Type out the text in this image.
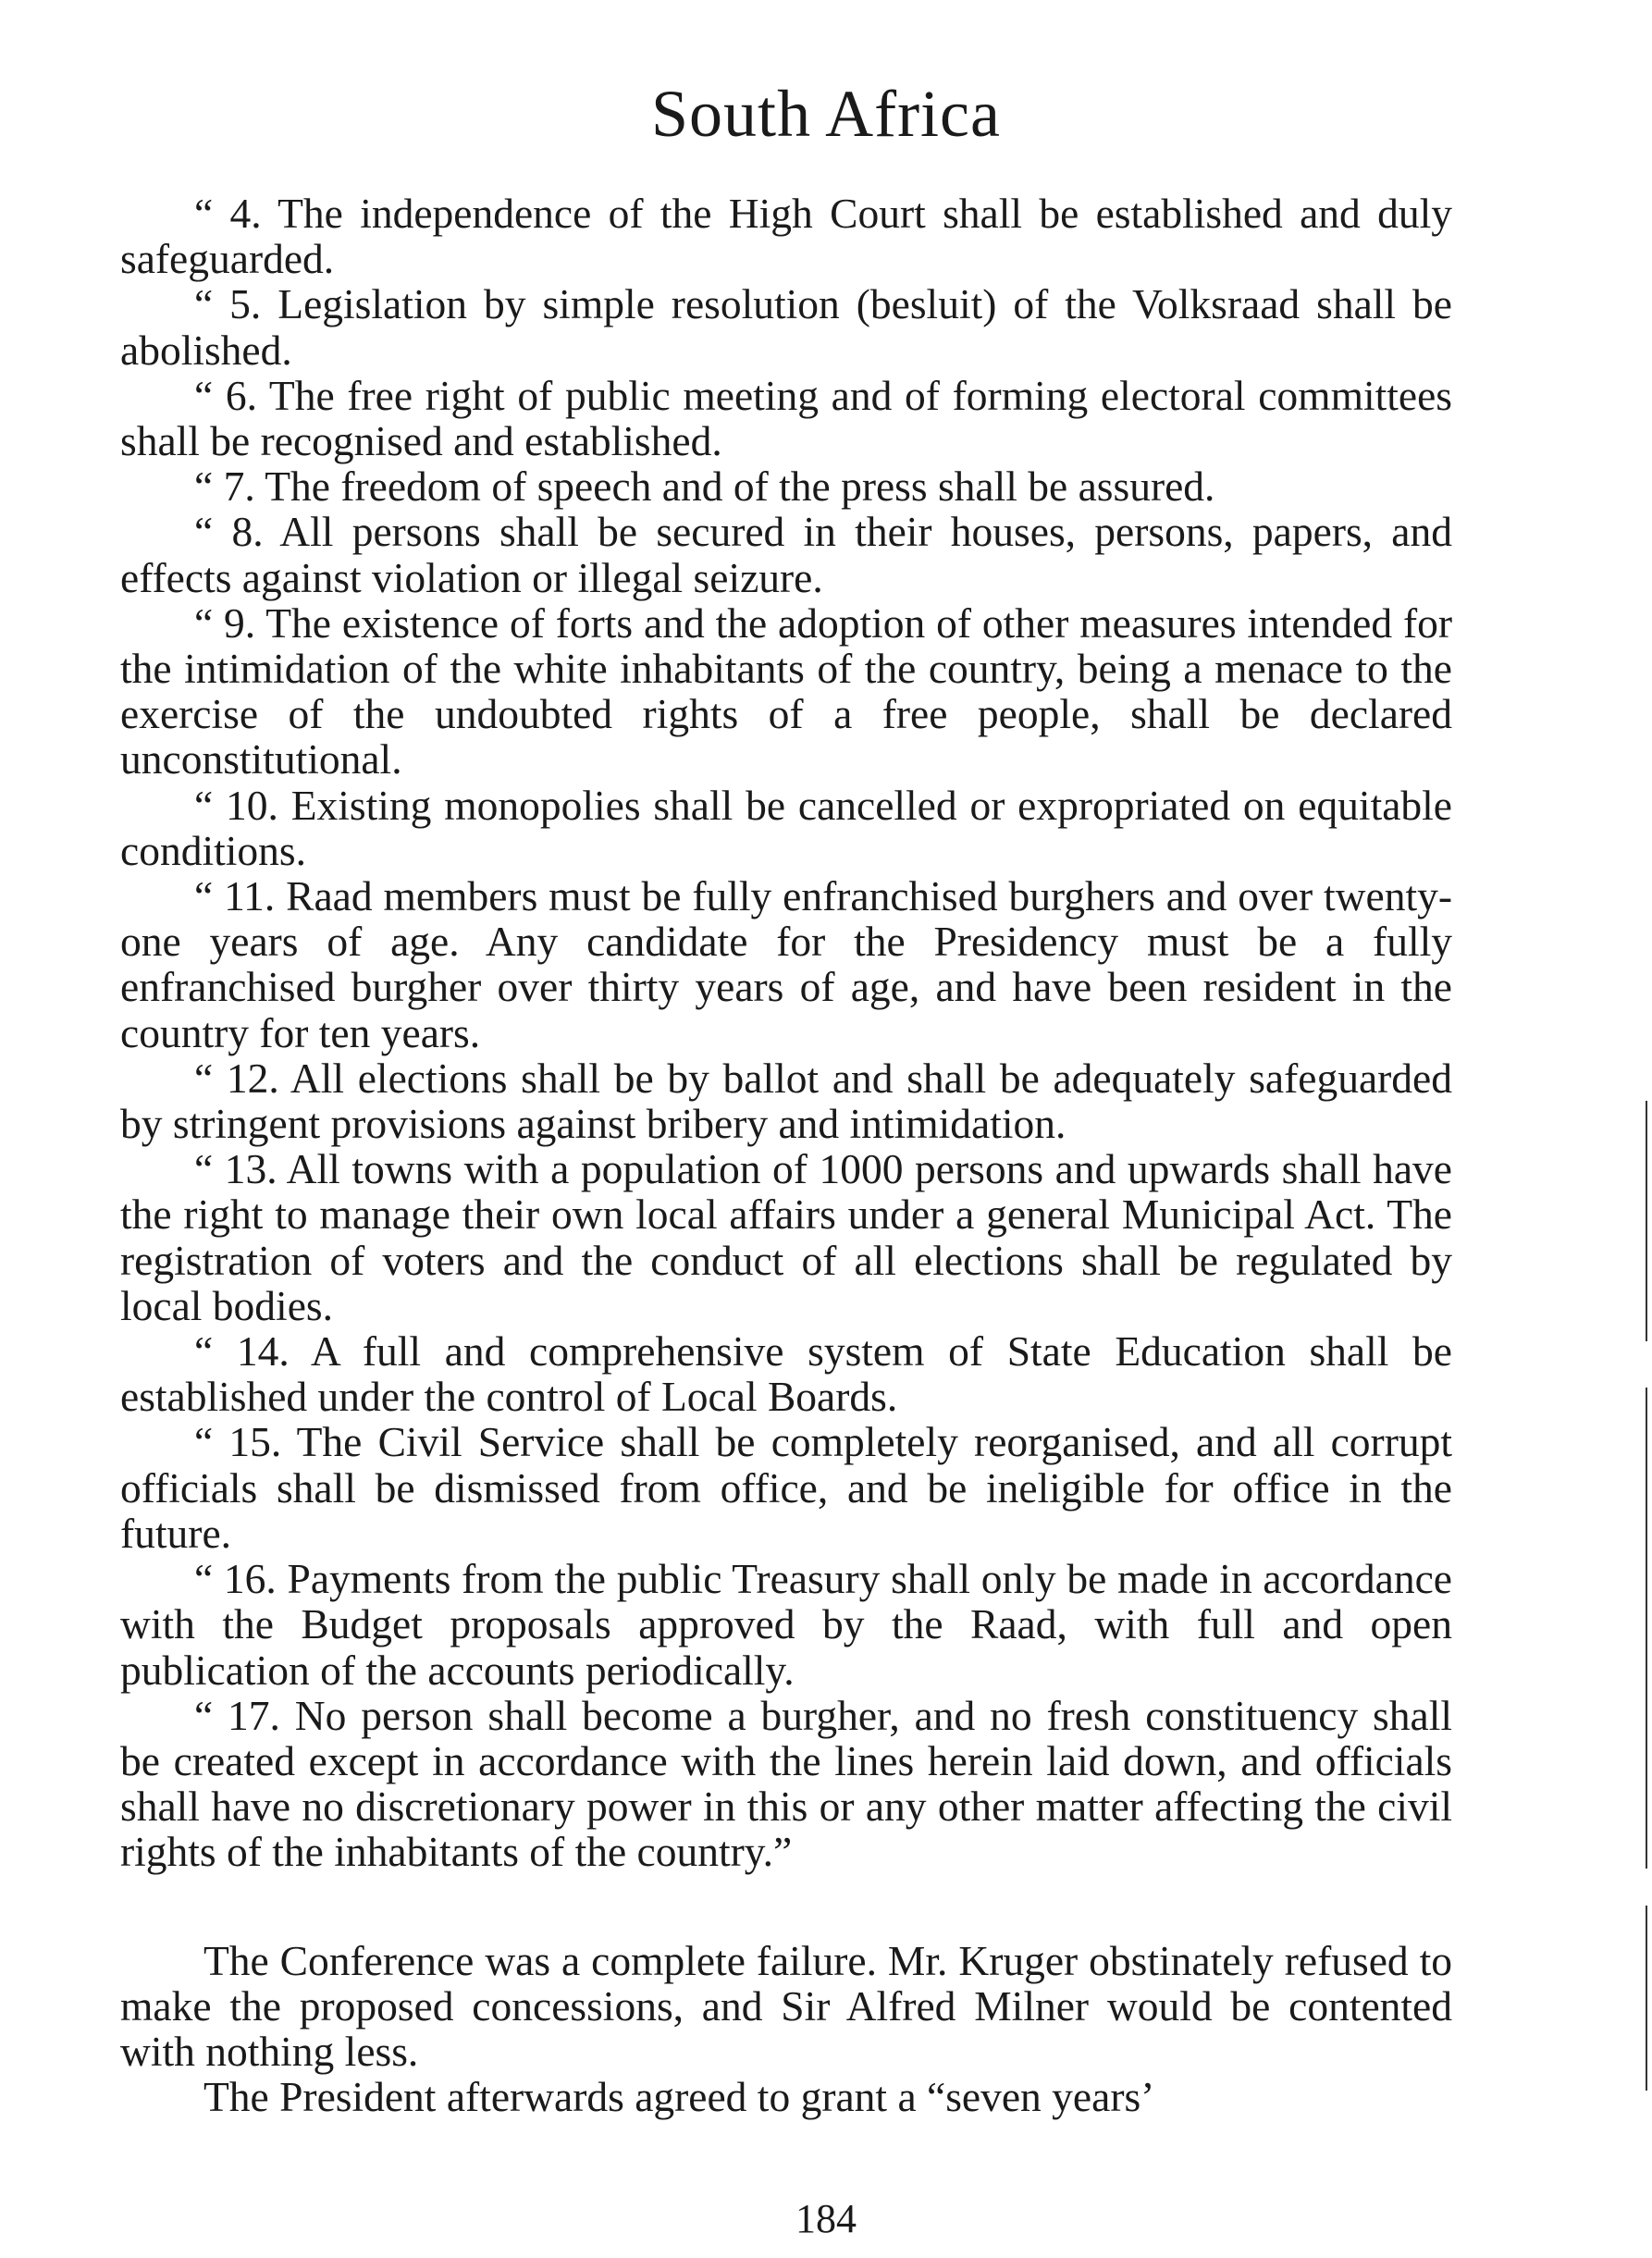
South Africa

“ 4. The independence of the High Court shall be established and duly safeguarded.

“ 5. Legislation by simple resolution (besluit) of the Volksraad shall be abolished.

“ 6. The free right of public meeting and of forming electoral committees shall be recognised and established.

“ 7. The freedom of speech and of the press shall be assured.

“ 8. All persons shall be secured in their houses, persons, papers, and effects against violation or illegal seizure.

“ 9. The existence of forts and the adoption of other measures intended for the intimidation of the white inhabitants of the country, being a menace to the exercise of the undoubted rights of a free people, shall be declared unconstitutional.

“ 10. Existing monopolies shall be cancelled or expropriated on equitable conditions.

“ 11. Raad members must be fully enfranchised burghers and over twenty-one years of age. Any candidate for the Presidency must be a fully enfranchised burgher over thirty years of age, and have been resident in the country for ten years.

“ 12. All elections shall be by ballot and shall be adequately safeguarded by stringent provisions against bribery and intimidation.

“ 13. All towns with a population of 1000 persons and upwards shall have the right to manage their own local affairs under a general Municipal Act. The registration of voters and the conduct of all elections shall be regulated by local bodies.

“ 14. A full and comprehensive system of State Education shall be established under the control of Local Boards.

“ 15. The Civil Service shall be completely reorganised, and all corrupt officials shall be dismissed from office, and be ineligible for office in the future.

“ 16. Payments from the public Treasury shall only be made in accordance with the Budget proposals approved by the Raad, with full and open publication of the accounts periodically.

“ 17. No person shall become a burgher, and no fresh constituency shall be created except in accordance with the lines herein laid down, and officials shall have no discretionary power in this or any other matter affecting the civil rights of the inhabitants of the country.”

The Conference was a complete failure. Mr. Kruger obstinately refused to make the proposed concessions, and Sir Alfred Milner would be contented with nothing less.

The President afterwards agreed to grant a “seven years’

184
